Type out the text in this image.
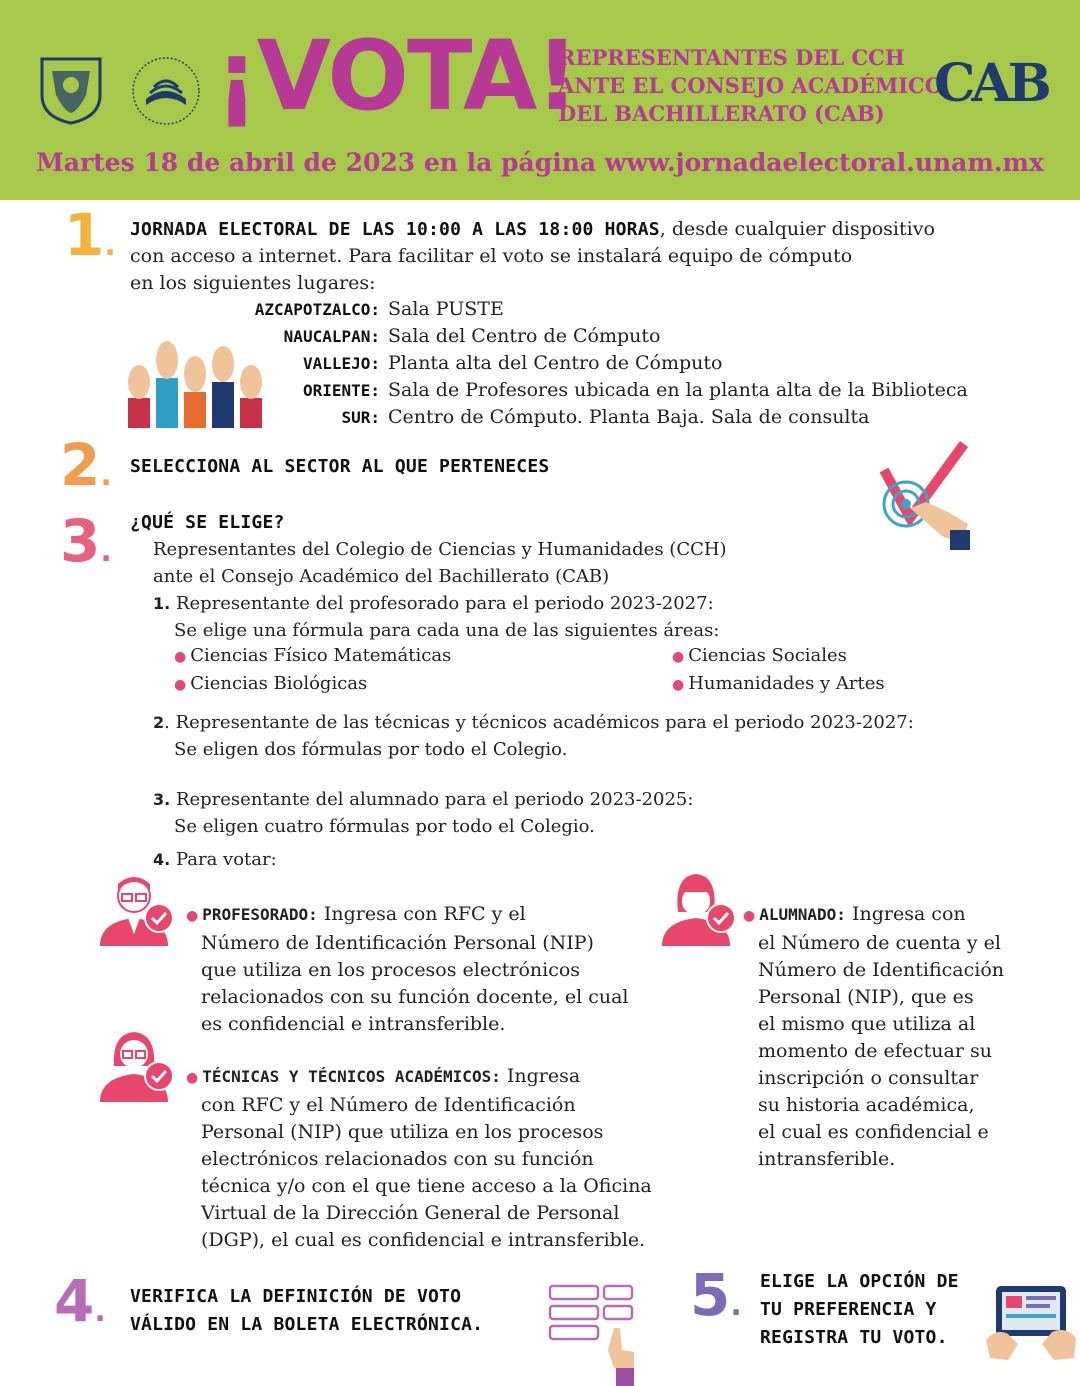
¡VOTA!
REPRESENTANTES DEL CCH
ANTE EL CONSEJO ACADÉMICO
DEL BACHILLERATO (CAB) CAB
Martes 18 de abril de 2023 en la página www.jornadaelectoral.unam.mx
1. JORNADA ELECTORAL DE LAS 10:00 A LAS 18:00 HORAS, desde cualquier dispositivo
con acceso a internet. Para facilitar el voto se instalará equipo de cómputo
en los siguientes lugares:
AZCAPOTZALCO: Sala PUSTE
NAUCALPAN: Sala del Centro de Cómputo
VALLEJO: Planta alta del Centro de Cómputo
ORIENTE: Sala de Profesores ubicada en la planta alta de la Biblioteca
SUR: Centro de Cómputo. Planta Baja. Sala de consulta
2. SELECCIONA AL SECTOR AL QUE PERTENECES
3.
¿QUÉ SE ELIGE?
Representantes del Colegio de Ciencias y Humanidades (CCH)
ante el Consejo Académico del Bachillerato (CAB)
1. Representante del profesorado para el periodo 2023-2027:
Se elige una fórmula para cada una de las siguientes áreas:
● Ciencias Físico Matemáticas
● Ciencias Biológicas
● Ciencias Sociales
● Humanidades y Artes
2. Representante de las técnicas y técnicos académicos para el periodo 2023-2027:
Se eligen dos fórmulas por todo el Colegio.
3. Representante del alumnado para el periodo 2023-2025:
Se eligen cuatro fórmulas por todo el Colegio.
4. Para votar:
● PROFESORADO: Ingresa con RFC y el
Número de Identificación Personal (NIP)
que utiliza en los procesos electrónicos
relacionados con su función docente, el cual
es confidencial e intransferible.
● TÉCNICAS Y TÉCNICOS ACADÉMICOS: Ingresa
con RFC y el Número de Identificación
Personal (NIP) que utiliza en los procesos
electrónicos relacionados con su función
técnica y/o con el que tiene acceso a la Oficina
Virtual de la Dirección General de Personal
(DGP), el cual es confidencial e intransferible.
● ALUMNADO: Ingresa con
el Número de cuenta y el
Número de Identificación
Personal (NIP), que es
el mismo que utiliza al
momento de efectuar su
inscripción o consultar
su historia académica,
el cual es confidencial e
intransferible.
4. VERIFICA LA DEFINICIÓN DE VOTO
VÁLIDO EN LA BOLETA ELECTRÓNICA.	5.
ELIGE LA OPCIÓN DE
TU PREFERENCIA Y
REGISTRA TU VOTO.
